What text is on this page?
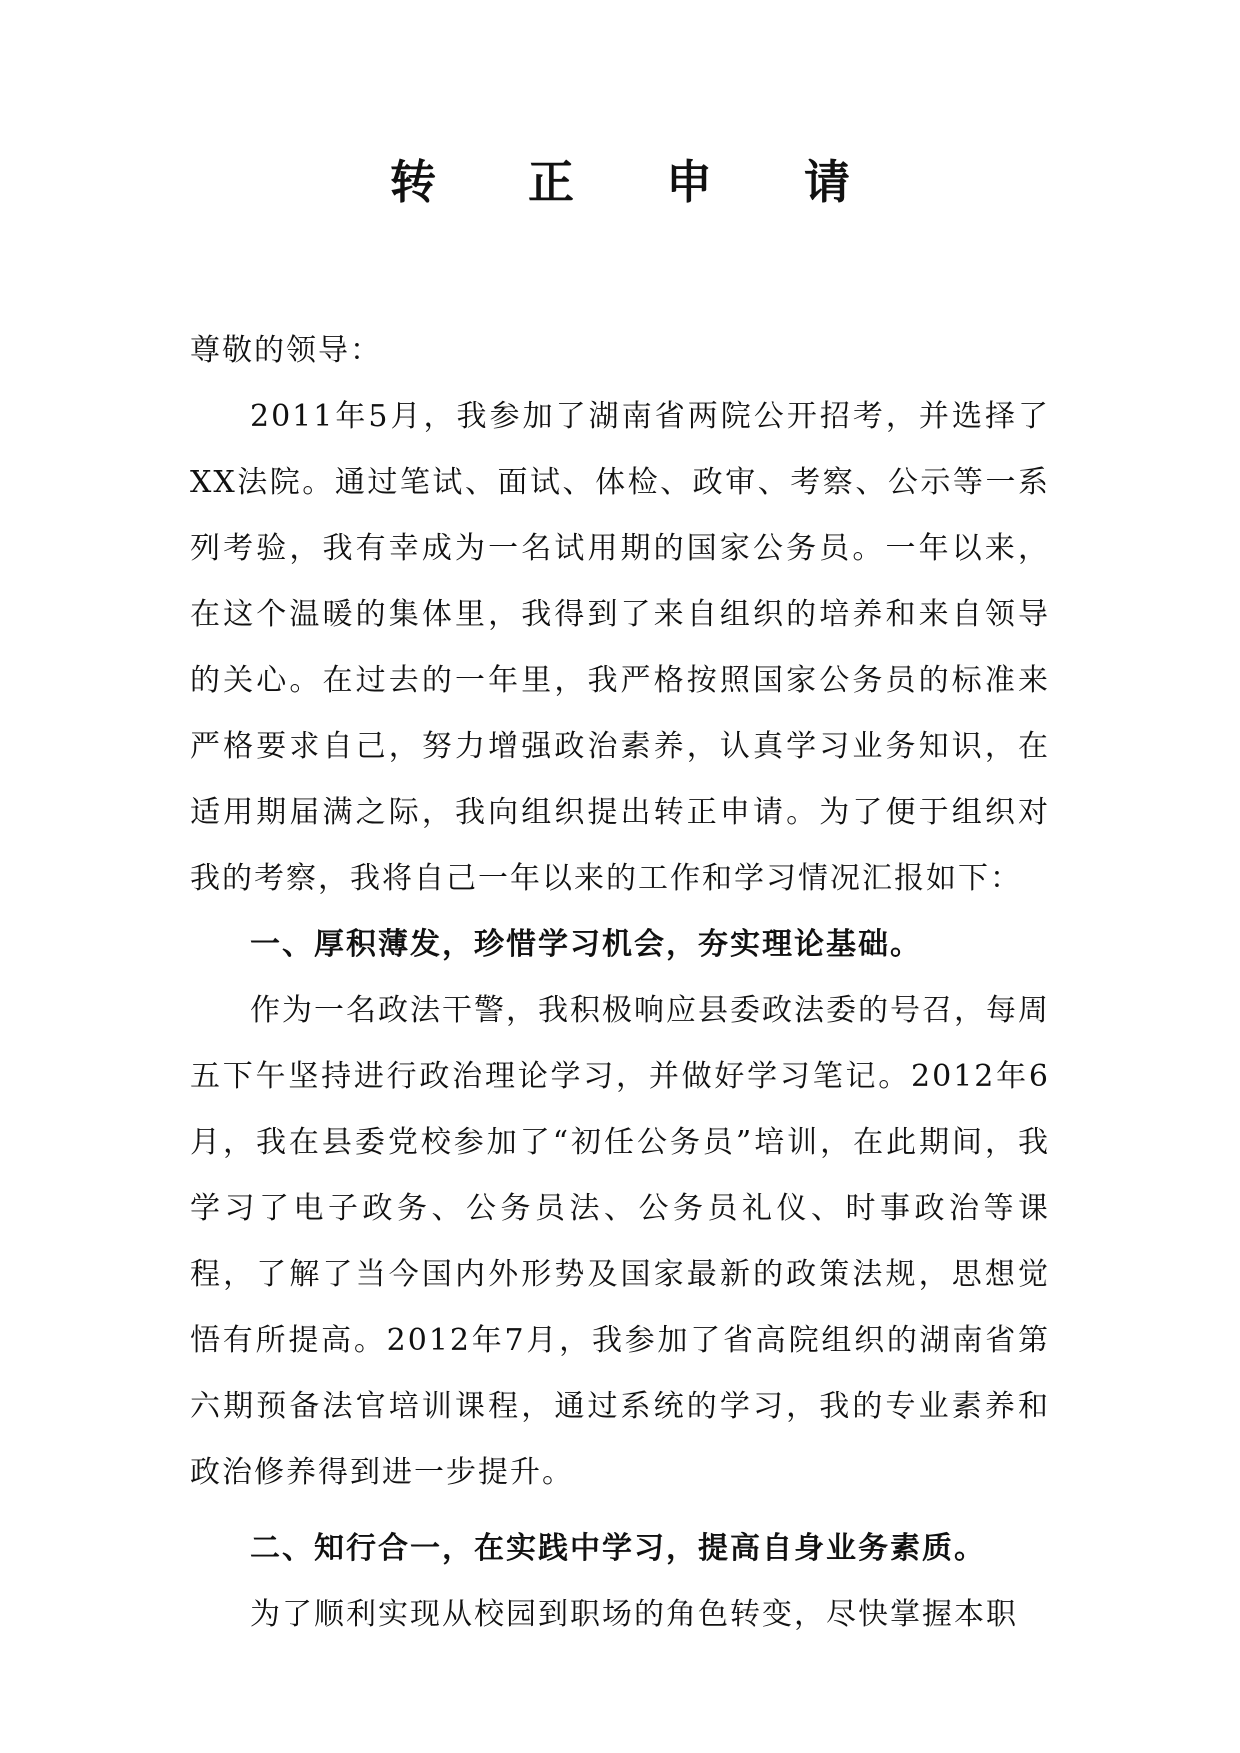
转 正 申 请

尊敬的领导：

2011年5月，我参加了湖南省两院公开招考，并选择了XX法院。通过笔试、面试、体检、政审、考察、公示等一系列考验，我有幸成为一名试用期的国家公务员。一年以来，在这个温暖的集体里，我得到了来自组织的培养和来自领导的关心。在过去的一年里，我严格按照国家公务员的标准来严格要求自己，努力增强政治素养，认真学习业务知识，在适用期届满之际，我向组织提出转正申请。为了便于组织对我的考察，我将自己一年以来的工作和学习情况汇报如下：

一、厚积薄发，珍惜学习机会，夯实理论基础。

作为一名政法干警，我积极响应县委政法委的号召，每周五下午坚持进行政治理论学习，并做好学习笔记。2012年6月，我在县委党校参加了“初任公务员”培训，在此期间，我学习了电子政务、公务员法、公务员礼仪、时事政治等课程，了解了当今国内外形势及国家最新的政策法规，思想觉悟有所提高。2012年7月，我参加了省高院组织的湖南省第六期预备法官培训课程，通过系统的学习，我的专业素养和政治修养得到进一步提升。

二、知行合一，在实践中学习，提高自身业务素质。

为了顺利实现从校园到职场的角色转变，尽快掌握本职
